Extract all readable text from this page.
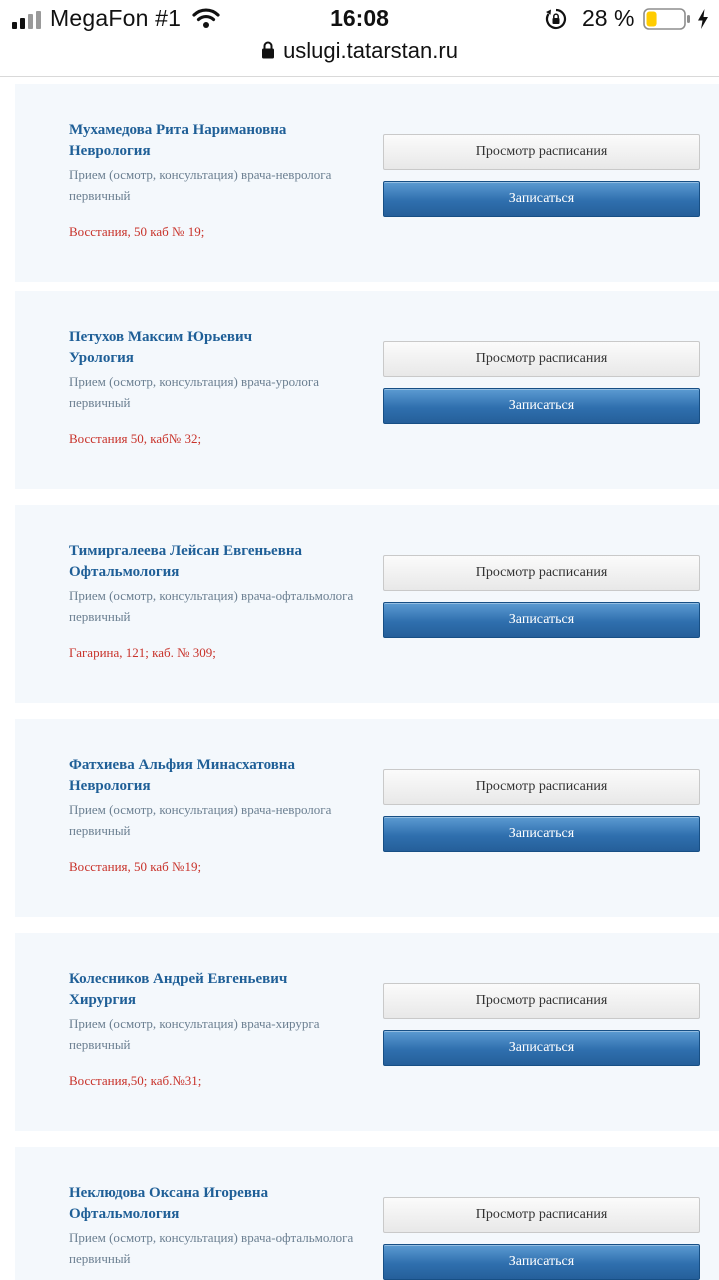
MegaFon #1	16:08	28 %
uslugi.tatarstan.ru
Мухамедова Рита Наримановна
Неврология
Прием (осмотр, консультация) врача-невролога первичный
Восстания, 50 каб № 19;
Просмотр расписания
Записаться
Петухов Максим Юрьевич
Урология
Прием (осмотр, консультация) врача-уролога первичный
Восстания 50, каб№ 32;
Просмотр расписания
Записаться
Тимиргалеева Лейсан Евгеньевна
Офтальмология
Прием (осмотр, консультация) врача-офтальмолога первичный
Гагарина, 121; каб. № 309;
Просмотр расписания
Записаться
Фатхиева Альфия Минасхатовна
Неврология
Прием (осмотр, консультация) врача-невролога первичный
Восстания, 50 каб №19;
Просмотр расписания
Записаться
Колесников Андрей Евгеньевич
Хирургия
Прием (осмотр, консультация) врача-хирурга первичный
Восстания,50; каб.№31;
Просмотр расписания
Записаться
Неклюдова Оксана Игоревна
Офтальмология
Прием (осмотр, консультация) врача-офтальмолога первичный
Просмотр расписания
Записаться
